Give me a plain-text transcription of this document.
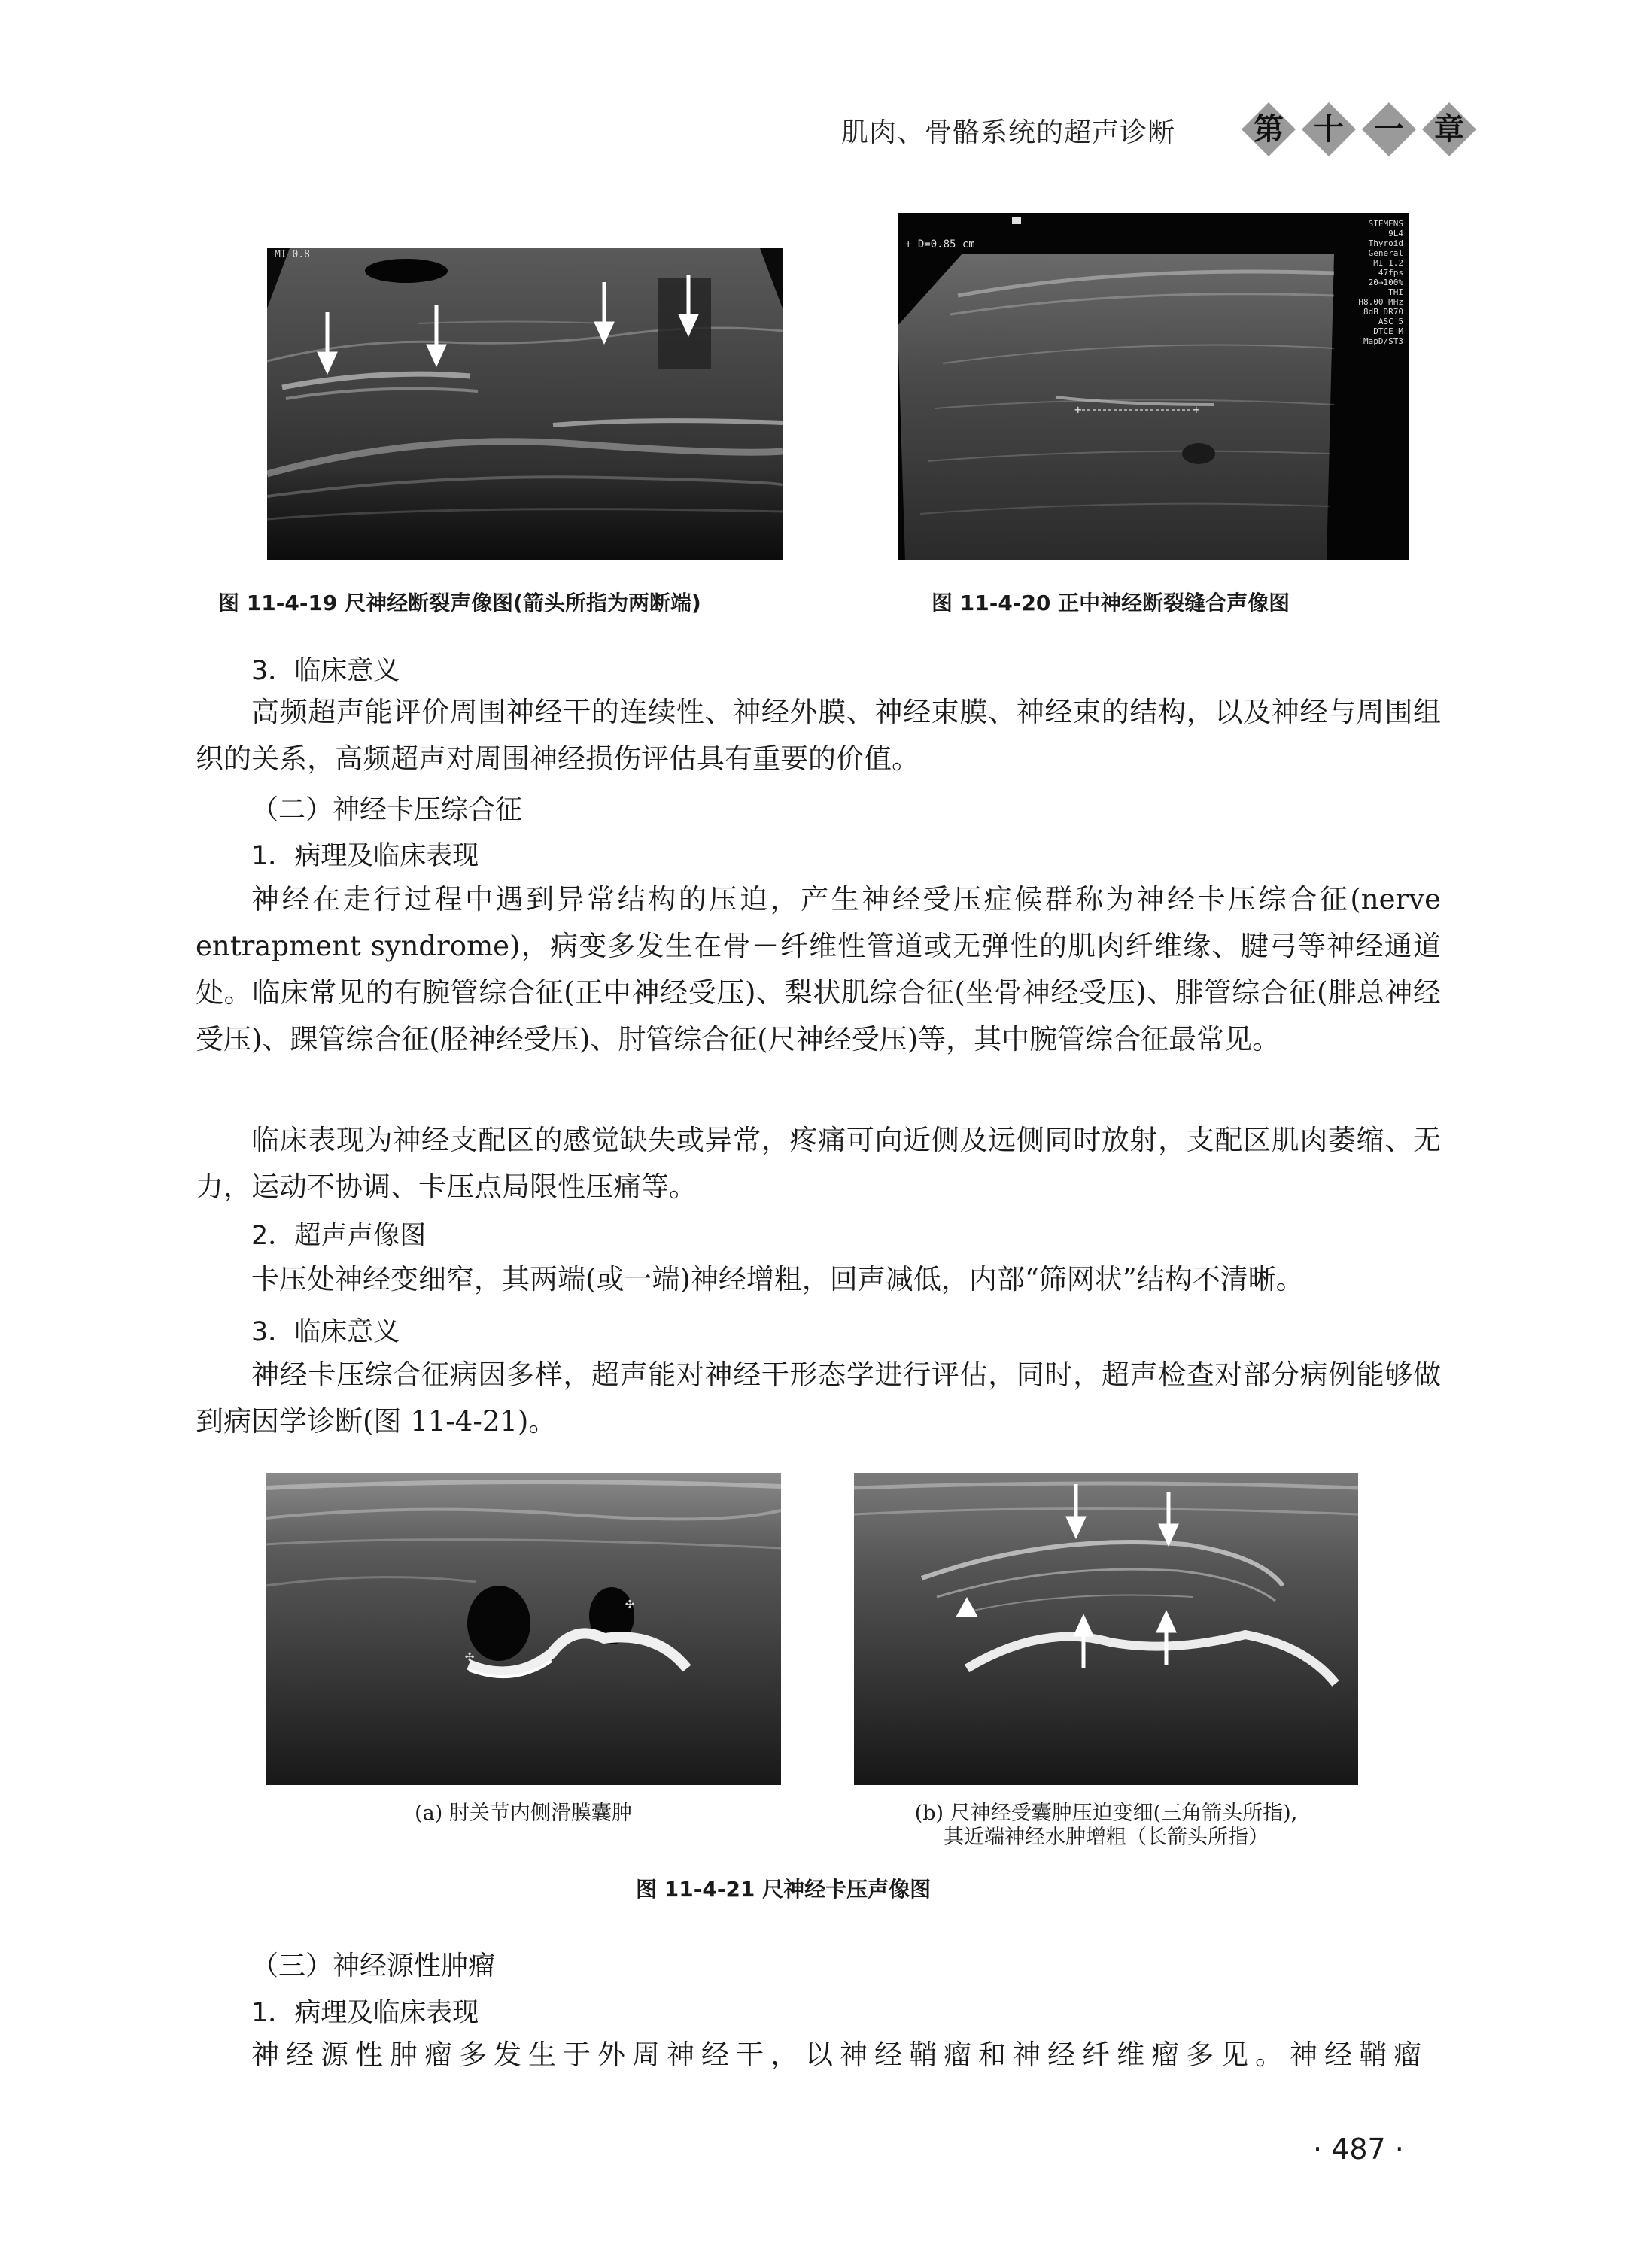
肌肉、骨骼系统的超声诊断	第	十	一	章
MI 0.8
图 11-4-19 尺神经断裂声像图(箭头所指为两断端)
+	+
+ D=0.85 cm
SIEMENS
9L4
Thyroid
General
MI 1.2
47fps
20→100%
THI
H8.00 MHz
8dB DR70
ASC 5
DTCE M
MapD/ST3
图 11-4-20 正中神经断裂缝合声像图
3．临床意义
高频超声能评价周围神经干的连续性、神经外膜、神经束膜、神经束的结构，以及神经与周围组织的关系，高频超声对周围神经损伤评估具有重要的价值。
（二）神经卡压综合征
1．病理及临床表现
神经在走行过程中遇到异常结构的压迫，产生神经受压症候群称为神经卡压综合征(nerve entrapment syndrome)，病变多发生在骨－纤维性管道或无弹性的肌肉纤维缘、腱弓等神经通道处。临床常见的有腕管综合征(正中神经受压)、梨状肌综合征(坐骨神经受压)、腓管综合征(腓总神经受压)、踝管综合征(胫神经受压)、肘管综合征(尺神经受压)等，其中腕管综合征最常见。
临床表现为神经支配区的感觉缺失或异常，疼痛可向近侧及远侧同时放射，支配区肌肉萎缩、无力，运动不协调、卡压点局限性压痛等。
2．超声声像图
卡压处神经变细窄，其两端(或一端)神经增粗，回声减低，内部“筛网状”结构不清晰。
3．临床意义
神经卡压综合征病因多样，超声能对神经干形态学进行评估，同时，超声检查对部分病例能够做到病因学诊断(图 11-4-21)。
✣
✣
(a) 肘关节内侧滑膜囊肿	(b) 尺神经受囊肿压迫变细(三角箭头所指),
其近端神经水肿增粗（长箭头所指）
图 11-4-21 尺神经卡压声像图
（三）神经源性肿瘤
1．病理及临床表现
神经源性肿瘤多发生于外周神经干，以神经鞘瘤和神经纤维瘤多见。神经鞘瘤
· 487 ·
